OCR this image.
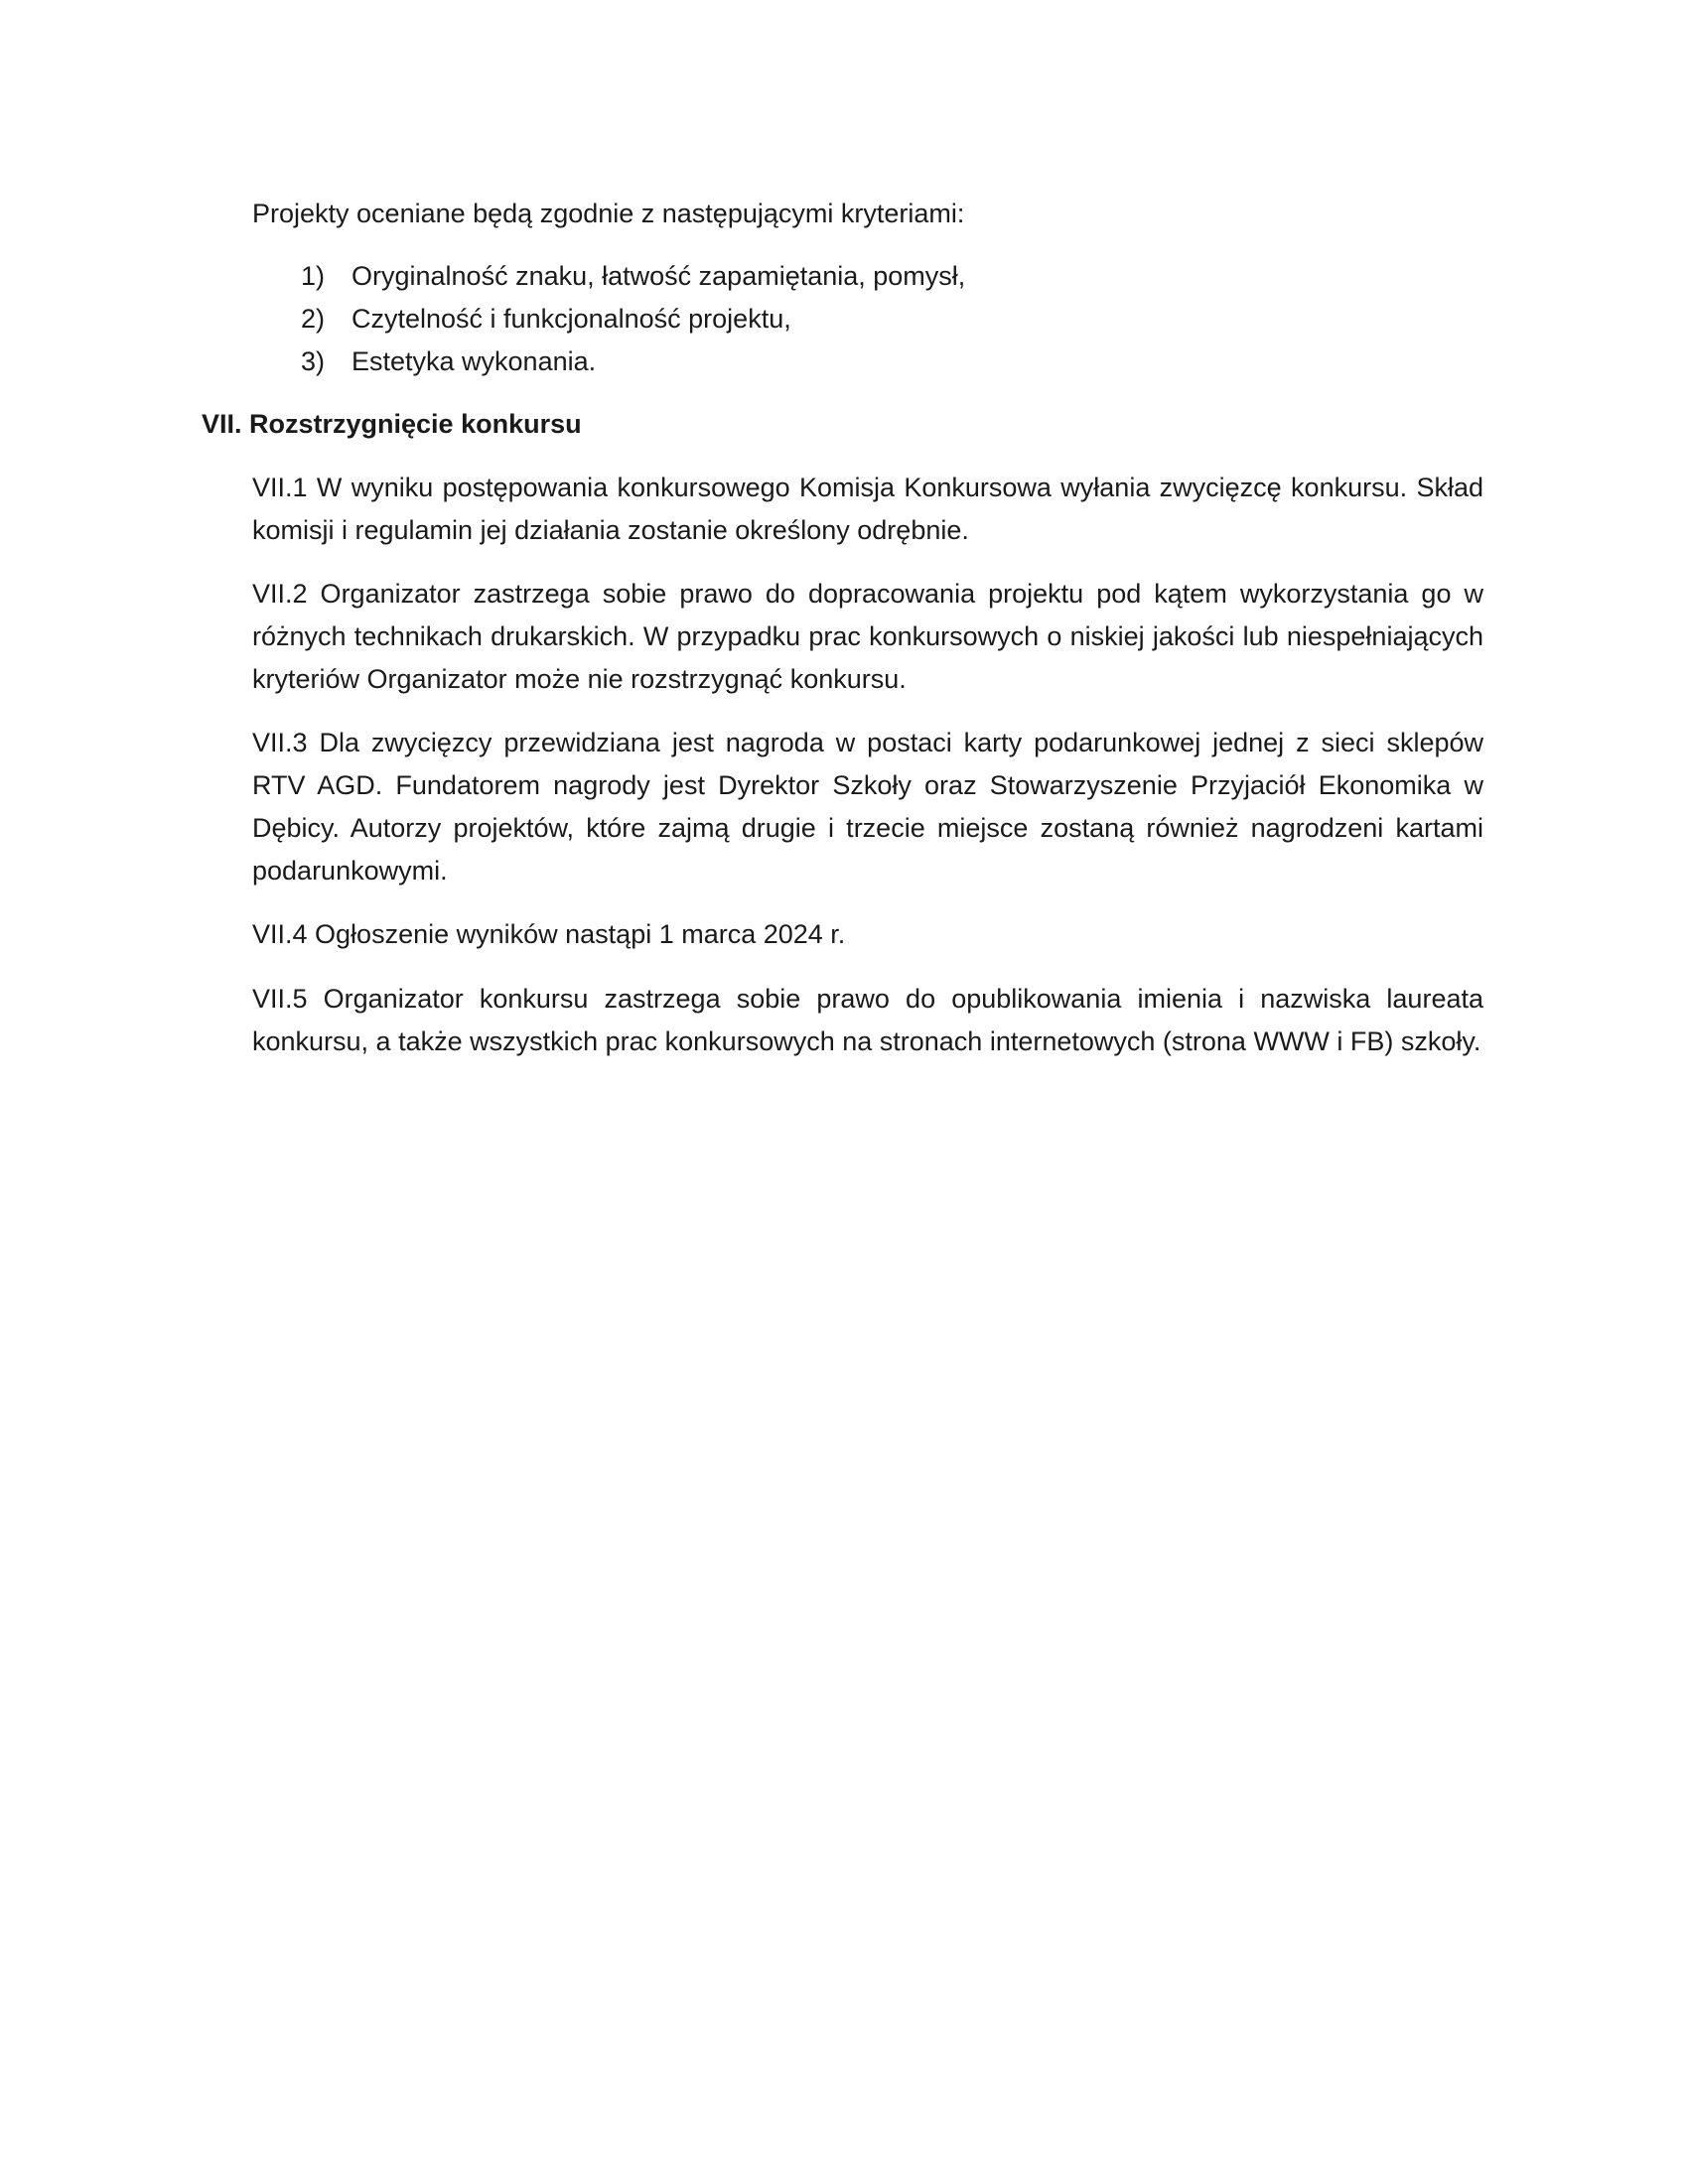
Projekty oceniane będą zgodnie z następującymi kryteriami:

1) Oryginalność znaku, łatwość zapamiętania, pomysł,
2) Czytelność i funkcjonalność projektu,
3) Estetyka wykonania.
VII. Rozstrzygnięcie konkursu

VII.1 W wyniku postępowania konkursowego Komisja Konkursowa wyłania zwycięzcę konkursu. Skład komisji i regulamin jej działania zostanie określony odrębnie.

VII.2 Organizator zastrzega sobie prawo do dopracowania projektu pod kątem wykorzystania go w różnych technikach drukarskich. W przypadku prac konkursowych o niskiej jakości lub niespełniających kryteriów Organizator może nie rozstrzygnąć konkursu.

VII.3 Dla zwycięzcy przewidziana jest nagroda w postaci karty podarunkowej jednej z sieci sklepów RTV AGD. Fundatorem nagrody jest Dyrektor Szkoły oraz Stowarzyszenie Przyjaciół Ekonomika w Dębicy. Autorzy projektów, które zajmą drugie i trzecie miejsce zostaną również nagrodzeni kartami podarunkowymi.

VII.4 Ogłoszenie wyników nastąpi 1 marca 2024 r.

VII.5 Organizator konkursu zastrzega sobie prawo do opublikowania imienia i nazwiska laureata konkursu, a także wszystkich prac konkursowych na stronach internetowych (strona WWW i FB) szkoły.
